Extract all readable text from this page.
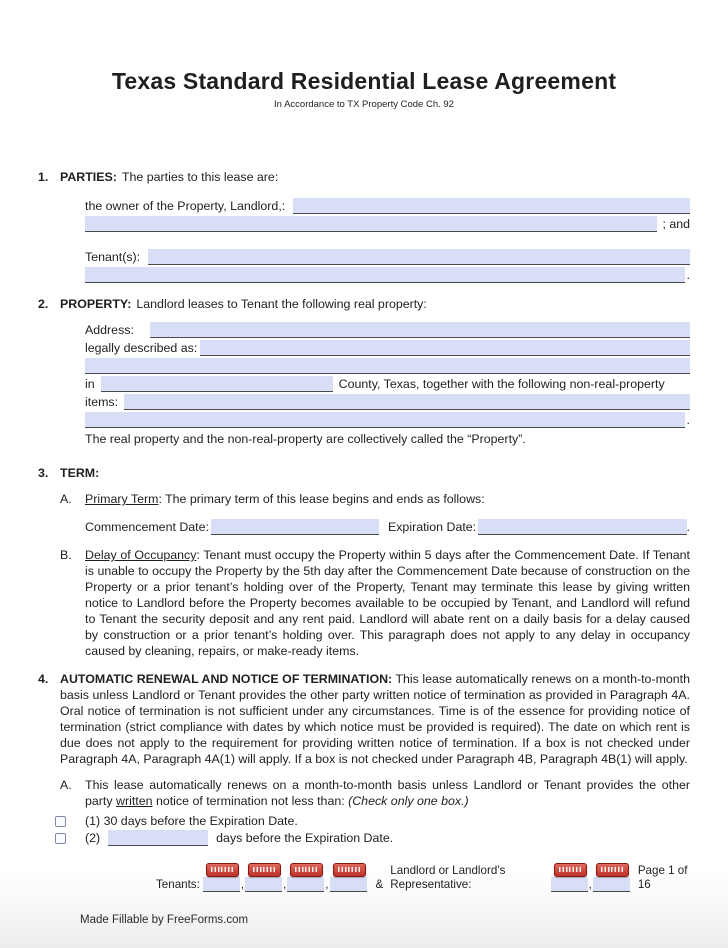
Texas Standard Residential Lease Agreement
In Accordance to TX Property Code Ch. 92
1. PARTIES: The parties to this lease are:
the owner of the Property, Landlord,:
; and
Tenant(s):
.
2. PROPERTY: Landlord leases to Tenant the following real property:
Address:
legally described as:
in	County, Texas, together with the following non-real-property
items:
.
The real property and the non-real-property are collectively called the “Property”.
3. TERM:
A.	Primary Term: The primary term of this lease begins and ends as follows:
Commencement Date:	Expiration Date:	.
B.	Delay of Occupancy: Tenant must occupy the Property within 5 days after the Commencement Date. If Tenant is unable to occupy the Property by the 5th day after the Commencement Date because of construction on the Property or a prior tenant’s holding over of the Property, Tenant may terminate this lease by giving written notice to Landlord before the Property becomes available to be occupied by Tenant, and Landlord will refund to Tenant the security deposit and any rent paid. Landlord will abate rent on a daily basis for a delay caused by construction or a prior tenant’s holding over. This paragraph does not apply to any delay in occupancy caused by cleaning, repairs, or make-ready items.
4. AUTOMATIC RENEWAL AND NOTICE OF TERMINATION: This lease automatically renews on a month-to-month basis unless Landlord or Tenant provides the other party written notice of termination as provided in Paragraph 4A. Oral notice of termination is not sufficient under any circumstances. Time is of the essence for providing notice of termination (strict compliance with dates by which notice must be provided is required). The date on which rent is due does not apply to the requirement for providing written notice of termination. If a box is not checked under Paragraph 4A, Paragraph 4A(1) will apply. If a box is not checked under Paragraph 4B, Paragraph 4B(1) will apply.
A.	This lease automatically renews on a month-to-month basis unless Landlord or Tenant provides the other party written notice of termination not less than: (Check only one box.)
(1) 30 days before the Expiration Date.
(2)	days before the Expiration Date.
Tenants:	,	,	,	&
Landlord or Landlord’s Representative:	,
Page 1 of 16
Made Fillable by FreeForms.com
